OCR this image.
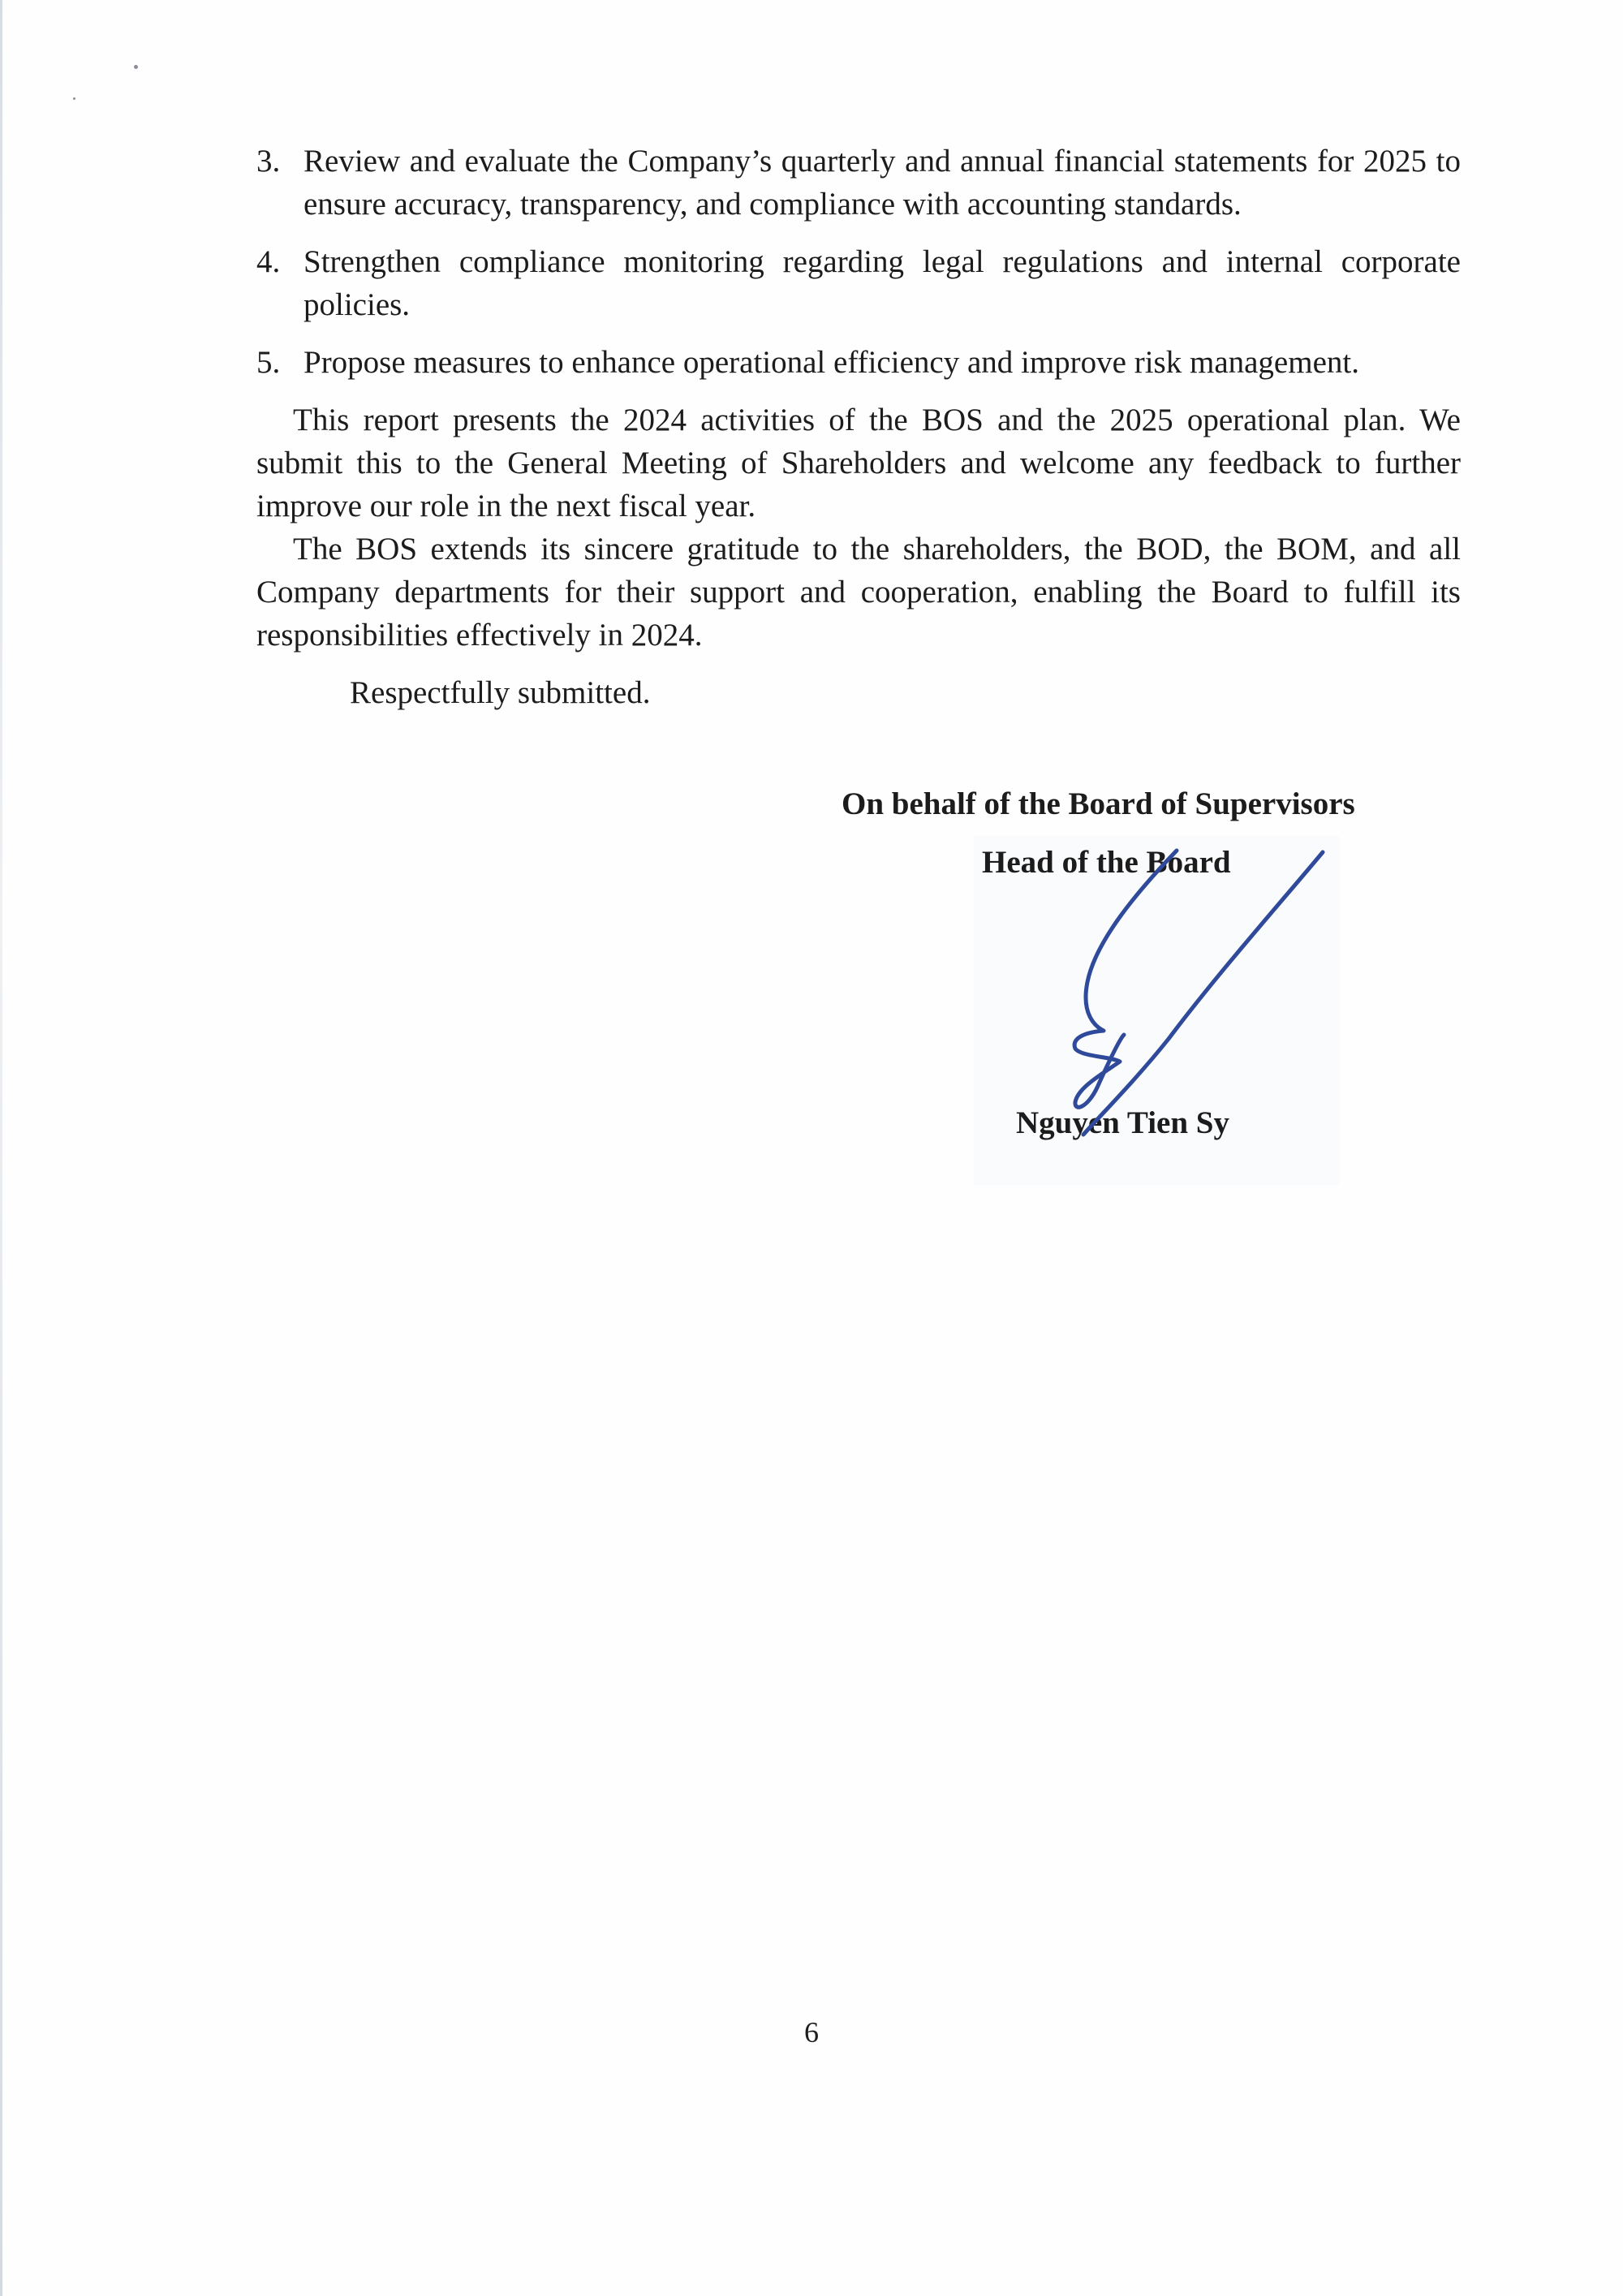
3. Review and evaluate the Company’s quarterly and annual financial statements for 2025 to ensure accuracy, transparency, and compliance with accounting standards.
4. Strengthen compliance monitoring regarding legal regulations and internal corporate policies.
5. Propose measures to enhance operational efficiency and improve risk management.

This report presents the 2024 activities of the BOS and the 2025 operational plan. We submit this to the General Meeting of Shareholders and welcome any feedback to further improve our role in the next fiscal year.

The BOS extends its sincere gratitude to the shareholders, the BOD, the BOM, and all Company departments for their support and cooperation, enabling the Board to fulfill its responsibilities effectively in 2024.

Respectfully submitted.
On behalf of the Board of Supervisors
Head of the Board
Nguyen Tien Sy
6
